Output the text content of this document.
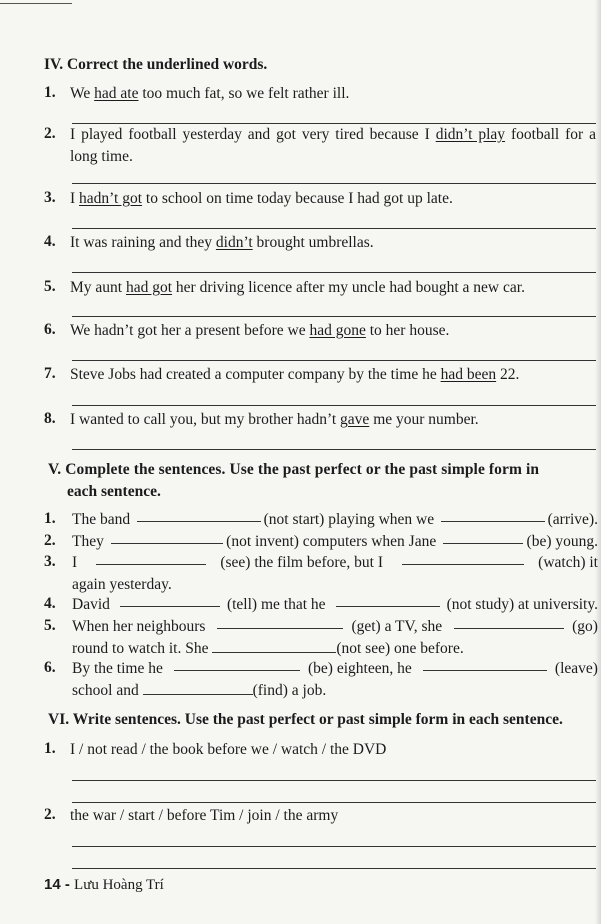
IV. Correct the underlined words.
1. We had ate too much fat, so we felt rather ill.
2. I played football yesterday and got very tired because I didn’t play football for a long time.
3. I hadn’t got to school on time today because I had got up late.
4. It was raining and they didn’t brought umbrellas.
5. My aunt had got her driving licence after my uncle had bought a new car.
6. We hadn’t got her a present before we had gone to her house.
7. Steve Jobs had created a computer company by the time he had been 22.
8. I wanted to call you, but my brother hadn’t gave me your number.
V. Complete the sentences. Use the past perfect or the past simple form in
each sentence.
1. The band	(not start) playing when we	(arrive).
2. They	(not invent) computers when Jane	(be) young.
3. I	(see) the film before, but I	(watch) it
again yesterday.
4. David	(tell) me that he	(not study) at university.
5. When her neighbours	(get) a TV, she	(go)
round to watch it. She	(not see) one before.
6. By the time he	(be) eighteen, he	(leave)
school and	(find) a job.
VI. Write sentences. Use the past perfect or past simple form in each sentence.
1. I / not read / the book before we / watch / the DVD
2. the war / start / before Tim / join / the army
14 - Lưu Hoàng Trí
